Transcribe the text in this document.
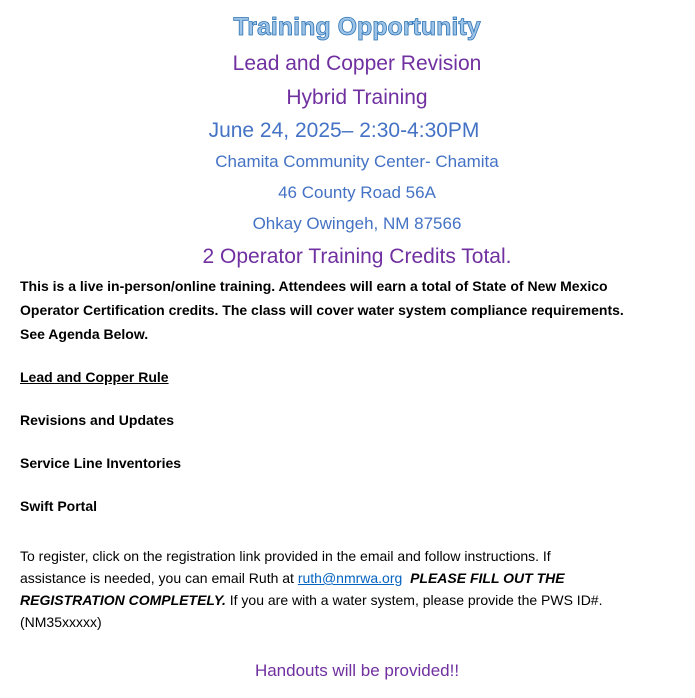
Training Opportunity
Lead and Copper Revision
Hybrid Training
June 24, 2025– 2:30-4:30PM
Chamita Community Center- Chamita
46 County Road 56A
Ohkay Owingeh, NM 87566
2 Operator Training Credits Total.
This is a live in-person/online training. Attendees will earn a total of State of New Mexico
Operator Certification credits. The class will cover water system compliance requirements.
See Agenda Below.
Lead and Copper Rule
Revisions and Updates
Service Line Inventories
Swift Portal
To register, click on the registration link provided in the email and follow instructions. If
assistance is needed, you can email Ruth at ruth@nmrwa.org PLEASE FILL OUT THE
REGISTRATION COMPLETELY. If you are with a water system, please provide the PWS ID#.
(NM35xxxxx)
Handouts will be provided!!
